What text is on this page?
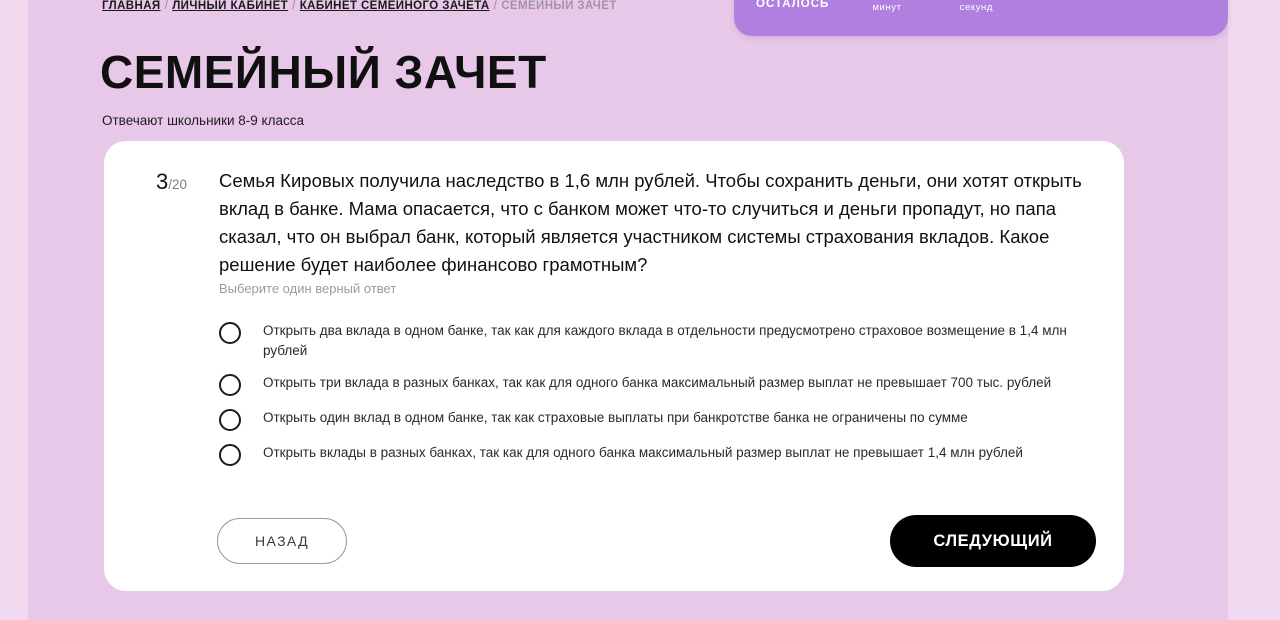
ГЛАВНАЯ / ЛИЧНЫЙ КАБИНЕТ / КАБИНЕТ СЕМЕЙНОГО ЗАЧЕТА / СЕМЕЙНЫЙ ЗАЧЕТ
СЕМЕЙНЫЙ ЗАЧЕТ
Отвечают школьники 8-9 класса
ОСТАЛОСЬ	минут	секунд
3/20 Семья Кировых получила наследство в 1,6 млн рублей. Чтобы сохранить деньги, они хотят открыть вклад в банке. Мама опасается, что с банком может что-то случиться и деньги пропадут, но папа сказал, что он выбрал банк, который является участником системы страхования вкладов. Какое решение будет наиболее финансово грамотным?
Выберите один верный ответ
Открыть два вклада в одном банке, так как для каждого вклада в отдельности предусмотрено страховое возмещение в 1,4 млн рублей
Открыть три вклада в разных банках, так как для одного банка максимальный размер выплат не превышает 700 тыс. рублей
Открыть один вклад в одном банке, так как страховые выплаты при банкротстве банка не ограничены по сумме
Открыть вклады в разных банках, так как для одного банка максимальный размер выплат не превышает 1,4 млн рублей
НАЗАД	СЛЕДУЮЩИЙ
